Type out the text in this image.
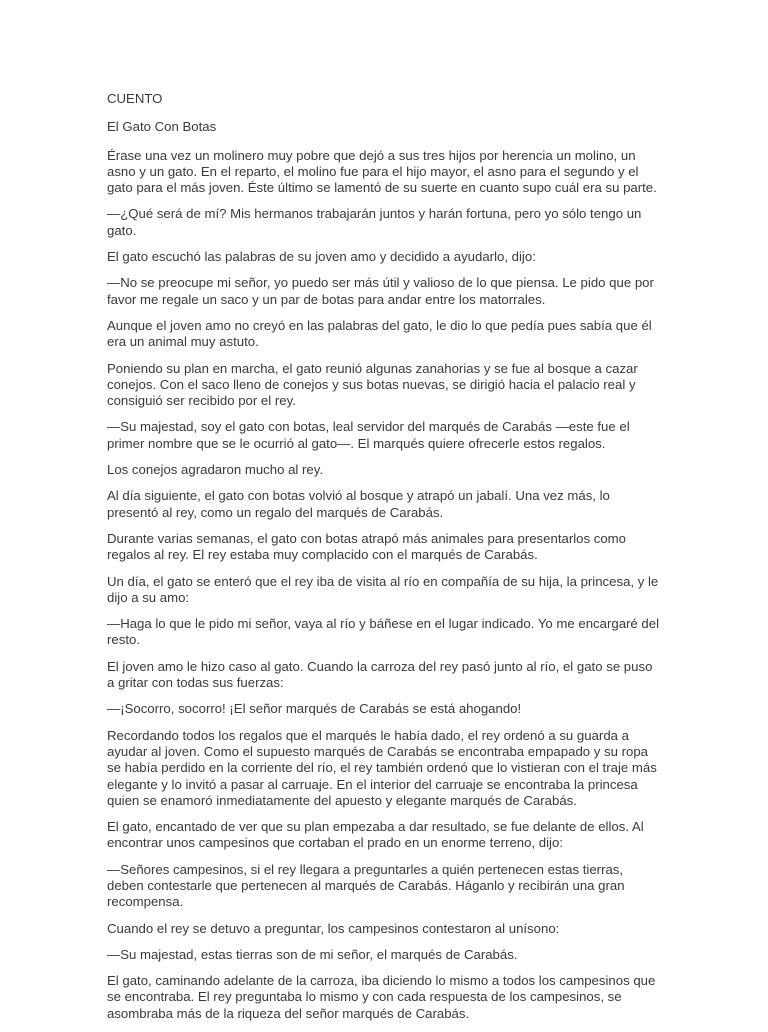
CUENTO

El Gato Con Botas

Érase una vez un molinero muy pobre que dejó a sus tres hijos por herencia un molino, un asno y un gato. En el reparto, el molino fue para el hijo mayor, el asno para el segundo y el gato para el más joven. Éste último se lamentó de su suerte en cuanto supo cuál era su parte.

—¿Qué será de mí? Mis hermanos trabajarán juntos y harán fortuna, pero yo sólo tengo un gato.

El gato escuchó las palabras de su joven amo y decidido a ayudarlo, dijo:

—No se preocupe mi señor, yo puedo ser más útil y valioso de lo que piensa. Le pido que por favor me regale un saco y un par de botas para andar entre los matorrales.

Aunque el joven amo no creyó en las palabras del gato, le dio lo que pedía pues sabía que él era un animal muy astuto.

Poniendo su plan en marcha, el gato reunió algunas zanahorias y se fue al bosque a cazar conejos. Con el saco lleno de conejos y sus botas nuevas, se dirigió hacia el palacio real y consiguió ser recibido por el rey.

—Su majestad, soy el gato con botas, leal servidor del marqués de Carabás —este fue el primer nombre que se le ocurrió al gato—. El marqués quiere ofrecerle estos regalos.

Los conejos agradaron mucho al rey.

Al día siguiente, el gato con botas volvió al bosque y atrapó un jabalí. Una vez más, lo presentó al rey, como un regalo del marqués de Carabás.

Durante varias semanas, el gato con botas atrapó más animales para presentarlos como regalos al rey. El rey estaba muy complacido con el marqués de Carabás.

Un día, el gato se enteró que el rey iba de visita al río en compañía de su hija, la princesa, y le dijo a su amo:

—Haga lo que le pido mi señor, vaya al río y báñese en el lugar indicado. Yo me encargaré del resto.

El joven amo le hizo caso al gato. Cuando la carroza del rey pasó junto al río, el gato se puso a gritar con todas sus fuerzas:

—¡Socorro, socorro! ¡El señor marqués de Carabás se está ahogando!

Recordando todos los regalos que el marqués le había dado, el rey ordenó a su guarda a ayudar al joven. Como el supuesto marqués de Carabás se encontraba empapado y su ropa se había perdido en la corriente del río, el rey también ordenó que lo vistieran con el traje más elegante y lo invitó a pasar al carruaje. En el interior del carruaje se encontraba la princesa quien se enamoró inmediatamente del apuesto y elegante marqués de Carabás.

El gato, encantado de ver que su plan empezaba a dar resultado, se fue delante de ellos. Al encontrar unos campesinos que cortaban el prado en un enorme terreno, dijo:

—Señores campesinos, si el rey llegara a preguntarles a quién pertenecen estas tierras, deben contestarle que pertenecen al marqués de Carabás. Háganlo y recibirán una gran recompensa.

Cuando el rey se detuvo a preguntar, los campesinos contestaron al unísono:

—Su majestad, estas tierras son de mi señor, el marqués de Carabás.

El gato, caminando adelante de la carroza, iba diciendo lo mismo a todos los campesinos que se encontraba. El rey preguntaba lo mismo y con cada respuesta de los campesinos, se asombraba más de la riqueza del señor marqués de Carabás.
